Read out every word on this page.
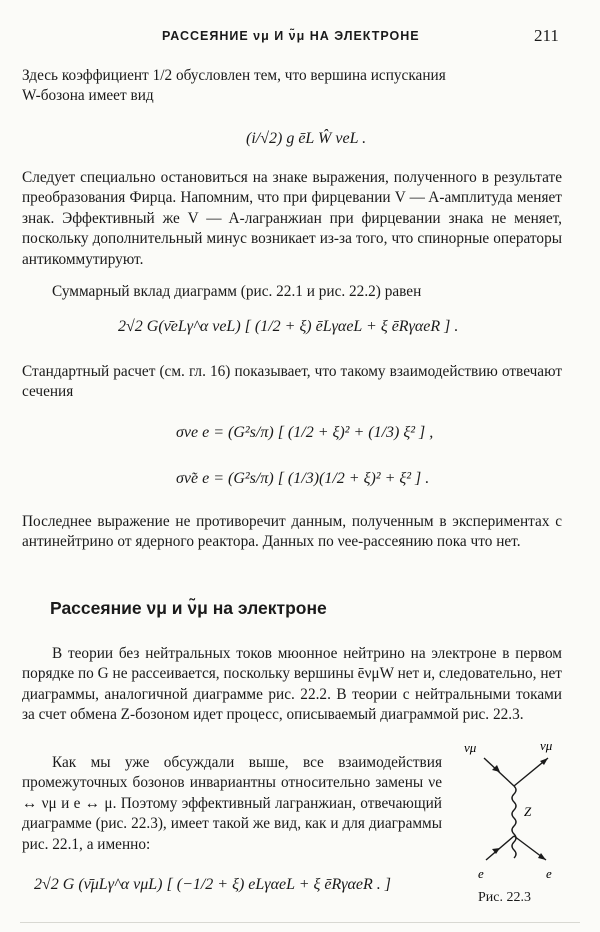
РАССЕЯНИЕ νμ И ν̃μ НА ЭЛЕКТРОНЕ	211

Здесь коэффициент 1/2 обусловлен тем, что вершина испускания

W-бозона имеет вид

(i/√2) g ēL Ŵ νeL .

Следует специально остановиться на знаке выражения, полученного в результате преобразования Фирца. Напомним, что при фирцевании V — A-амплитуда меняет знак. Эффективный же V — A-лагранжиан при фирцевании знака не меняет, поскольку дополнительный минус возникает из-за того, что спинорные операторы антикоммутируют.

Суммарный вклад диаграмм (рис. 22.1 и рис. 22.2) равен

2√2 G(ν̄eLγ^α νeL) [ (1/2 + ξ) ēLγαeL + ξ ēRγαeR ] .

Стандартный расчет (см. гл. 16) показывает, что такому взаимодействию отвечают сечения

σνe e = (G²s/π) [ (1/2 + ξ)² + (1/3) ξ² ] ,
σν̃e e = (G²s/π) [ (1/3)(1/2 + ξ)² + ξ² ] .

Последнее выражение не противоречит данным, полученным в экспериментах с антинейтрино от ядерного реактора. Данных по νee-рассеянию пока что нет.

Рассеяние νμ и ν̃μ на электроне

В теории без нейтральных токов мюонное нейтрино на электроне в первом порядке по G не рассеивается, поскольку вершины ēνμW нет и, следовательно, нет диаграммы, аналогичной диаграмме рис. 22.2. В теории с нейтральными токами за счет обмена Z-бозоном идет процесс, описываемый диаграммой рис. 22.3.

Как мы уже обсуждали выше, все взаимодействия промежуточных бозонов инвариантны относительно замены νe ↔ νμ и e ↔ μ. Поэтому эффективный лагранжиан, отвечающий диаграмме (рис. 22.3), имеет такой же вид, как и для диаграммы рис. 22.1, а именно:

νμ	νμ
Z
e	e
Рис. 22.3
2√2 G (ν̄μLγ^α νμL) [ (−1/2 + ξ) eLγαeL + ξ ēRγαeR . ]
